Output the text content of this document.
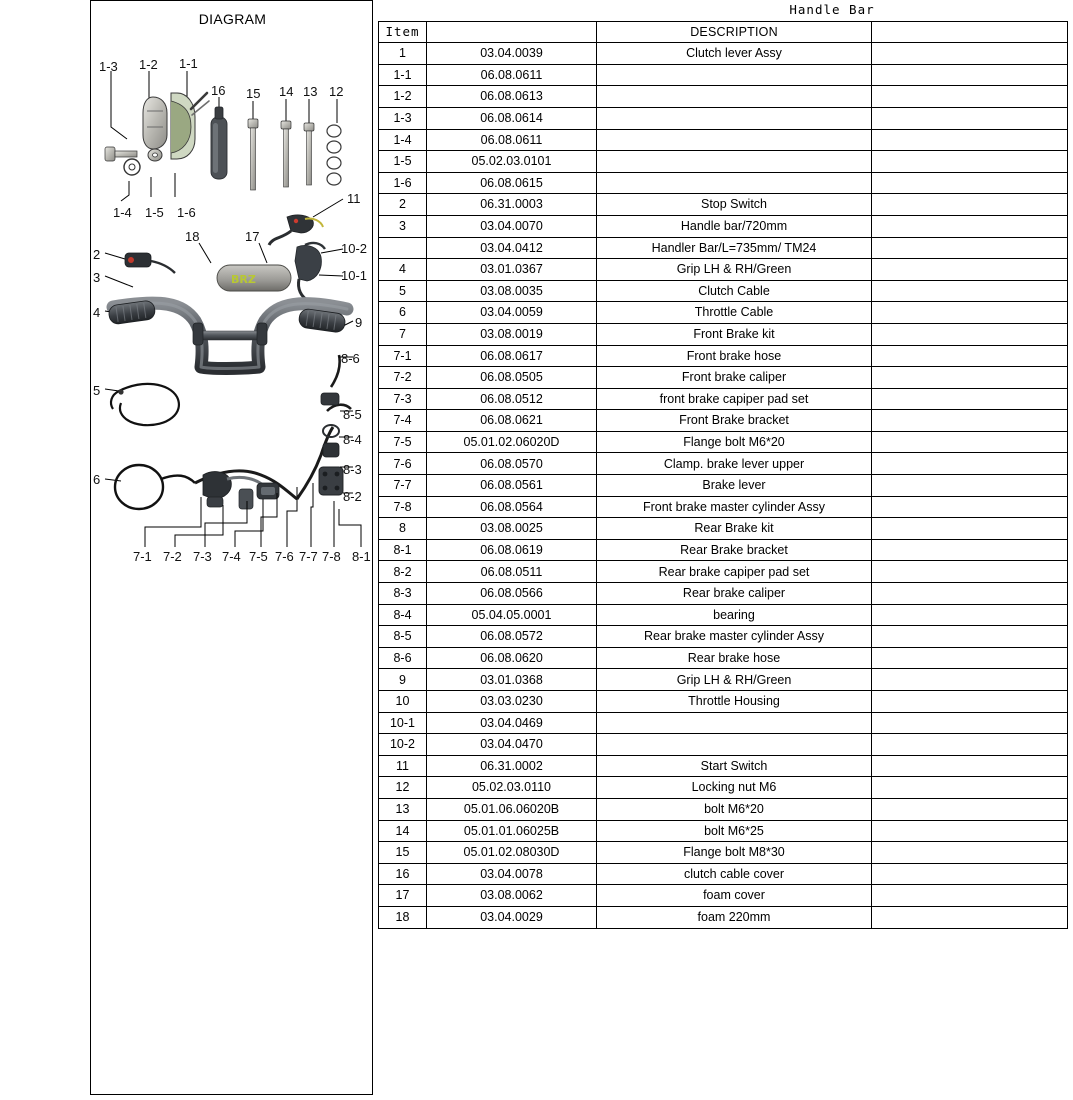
DIAGRAM
BRZ
1-3 1-2 1-1
16 15 14 13 12
1-4 1-5 1-6
18	17
11
10-2
10-1
2
3
4
5
6
9
8-6
8-5
8-4
8-3
8-2
7-1 7-2 7-3 7-4 7-5 7-6 7-7 7-8 8-1
		Handle Bar	
Item		DESCRIPTION	
1	03.04.0039	Clutch lever Assy	
1-1	06.08.0611		
1-2	06.08.0613		
1-3	06.08.0614		
1-4	06.08.0611		
1-5	05.02.03.0101		
1-6	06.08.0615		
2	06.31.0003	Stop Switch	
3	03.04.0070	Handle bar/720mm	
	03.04.0412	Handler Bar/L=735mm/ TM24	
4	03.01.0367	Grip LH & RH/Green	
5	03.08.0035	Clutch Cable	
6	03.04.0059	Throttle Cable	
7	03.08.0019	Front Brake kit	
7-1	06.08.0617	Front brake hose	
7-2	06.08.0505	Front brake caliper	
7-3	06.08.0512	front brake capiper pad set	
7-4	06.08.0621	Front Brake bracket	
7-5	05.01.02.06020D	Flange bolt M6*20	
7-6	06.08.0570	Clamp. brake lever upper	
7-7	06.08.0561	Brake lever	
7-8	06.08.0564	Front brake master cylinder Assy	
8	03.08.0025	Rear Brake kit	
8-1	06.08.0619	Rear Brake bracket	
8-2	06.08.0511	Rear brake capiper pad set	
8-3	06.08.0566	Rear brake caliper	
8-4	05.04.05.0001	bearing	
8-5	06.08.0572	Rear brake master cylinder Assy	
8-6	06.08.0620	Rear brake hose	
9	03.01.0368	Grip LH & RH/Green	
10	03.03.0230	Throttle Housing	
10-1	03.04.0469		
10-2	03.04.0470		
11	06.31.0002	Start Switch	
12	05.02.03.0110	Locking nut M6	
13	05.01.06.06020B	bolt M6*20	
14	05.01.01.06025B	bolt M6*25	
15	05.01.02.08030D	Flange bolt M8*30	
16	03.04.0078	clutch cable cover	
17	03.08.0062	foam cover	
18	03.04.0029	foam 220mm	
